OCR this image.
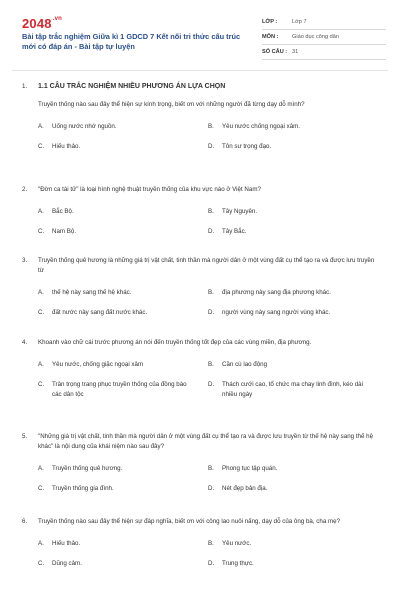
$2048^{.vn}$
Bài tập trắc nghiệm Giữa kì 1 GDCD 7 Kết nối tri thức cấu trúc mới có đáp án - Bài tập tự luyện
LỚP :	Lớp 7
MÔN :	Giáo dục công dân
SỐ CÂU : 31
1.	1.1 CÂU TRẮC NGHIỆM NHIỀU PHƯƠNG ÁN LỰA CHỌN
Truyền thống nào sau đây thể hiện sự kính trọng, biết ơn với những người đã từng dạy dỗ mình?
A.	Uống nước nhớ nguồn.	B.	Yêu nước chống ngoại xâm.
C.	Hiếu thảo.	D.	Tôn sư trọng đạo.
2.	"Đờn ca tài tử" là loại hình nghệ thuật truyền thống của khu vực nào ở Việt Nam?
A.	Bắc Bộ.	B.	Tây Nguyên.
C.	Nam Bộ.	D.	Tây Bắc.
3.	Truyền thống quê hương là những giá trị vật chất, tinh thần mà người dân ở một vùng đất cụ thể tạo ra và được lưu truyền từ
A.	thế hệ này sang thế hệ khác.	B.	địa phương này sang địa phương khác.
C.	đất nước này sang đất nước khác.	D.	người vùng này sang người vùng khác.
4.	Khoanh vào chữ cái trước phương án nói đến truyền thống tốt đẹp của các vùng miền, địa phương.
A.	Yêu nước, chống giặc ngoại xâm	B.	Cần cù lao động
C.	Trân trọng trang phục truyền thống của đồng bào các dân tộc
D.	Thách cưới cao, tổ chức ma chay linh đình, kéo dài nhiều ngày
5.	"Những giá trị vật chất, tinh thần mà người dân ở một vùng đất cụ thể tạo ra và được lưu truyền từ thế hệ này sang thế hệ khác" là nội dung của khái niệm nào sau đây?
A.	Truyền thống quê hương.	B.	Phong tục tập quán.
C.	Truyền thống gia đình.	D.	Nét đẹp bản địa.
6.	Truyền thống nào sau đây thể hiện sự đáp nghĩa, biết ơn với công lao nuôi nấng, dạy dỗ của ông bà, cha mẹ?
A.	Hiếu thảo.	B.	Yêu nước.
C.	Dũng cảm.	D.	Trung thực.
